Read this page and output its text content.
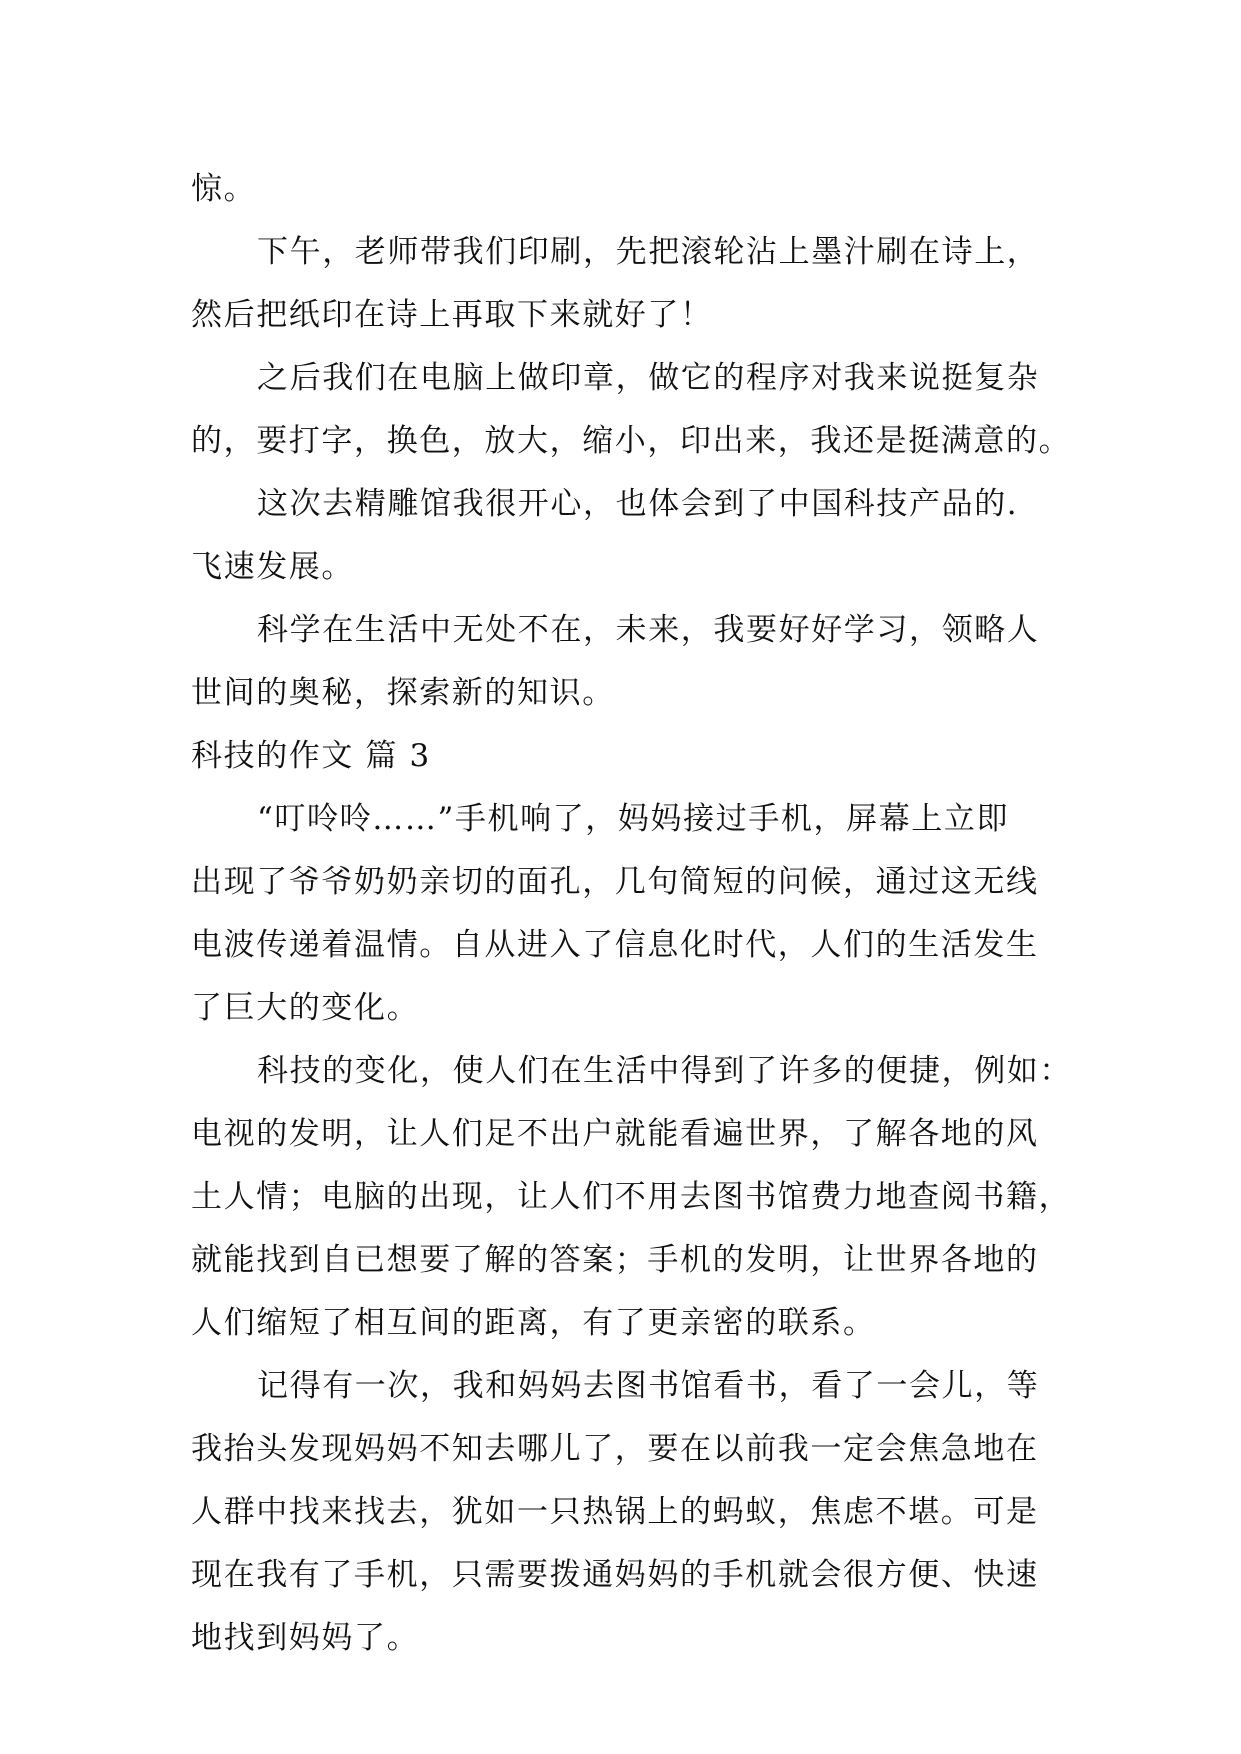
惊。
下午，老师带我们印刷，先把滚轮沾上墨汁刷在诗上，
然后把纸印在诗上再取下来就好了！
之后我们在电脑上做印章，做它的程序对我来说挺复杂
的，要打字，换色，放大，缩小，印出来，我还是挺满意的。
这次去精雕馆我很开心，也体会到了中国科技产品的.
飞速发展。
科学在生活中无处不在，未来，我要好好学习，领略人
世间的奥秘，探索新的知识。
科技的作文 篇 3
“叮呤呤……”手机响了，妈妈接过手机，屏幕上立即
出现了爷爷奶奶亲切的面孔，几句简短的问候，通过这无线
电波传递着温情。自从进入了信息化时代，人们的生活发生
了巨大的变化。
科技的变化，使人们在生活中得到了许多的便捷，例如：
电视的发明，让人们足不出户就能看遍世界，了解各地的风
土人情；电脑的出现，让人们不用去图书馆费力地查阅书籍，
就能找到自已想要了解的答案；手机的发明，让世界各地的
人们缩短了相互间的距离，有了更亲密的联系。
记得有一次，我和妈妈去图书馆看书，看了一会儿，等
我抬头发现妈妈不知去哪儿了，要在以前我一定会焦急地在
人群中找来找去，犹如一只热锅上的蚂蚁，焦虑不堪。可是
现在我有了手机，只需要拨通妈妈的手机就会很方便、快速
地找到妈妈了。
